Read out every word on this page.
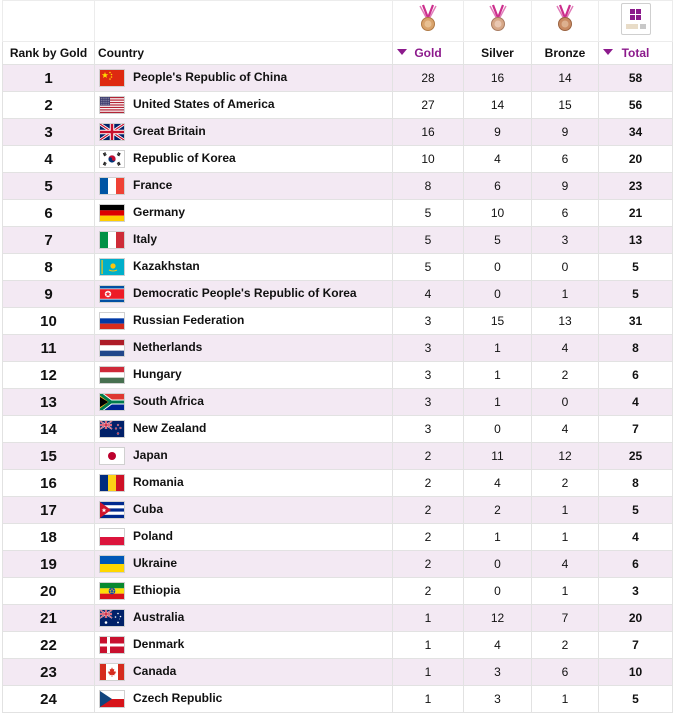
Rank by Gold	Country	Gold	Silver	Bronze	Total
1	People's Republic of China	28	16	14	58
2	United States of America	27	14	15	56
3	Great Britain	16	9	9	34
4	Republic of Korea	10	4	6	20
5	France	8	6	9	23
6	Germany	5	10	6	21
7	Italy	5	5	3	13
8	Kazakhstan	5	0	0	5
9	Democratic People's Republic of Korea	4	0	1	5
10	Russian Federation	3	15	13	31
11	Netherlands	3	1	4	8
12	Hungary	3	1	2	6
13	South Africa	3	1	0	4
14	New Zealand	3	0	4	7
15	Japan	2	11	12	25
16	Romania	2	4	2	8
17	Cuba	2	2	1	5
18	Poland	2	1	1	4
19	Ukraine	2	0	4	6
20	Ethiopia	2	0	1	3
21	Australia	1	12	7	20
22	Denmark	1	4	2	7
23	Canada	1	3	6	10
24	Czech Republic	1	3	1	5
